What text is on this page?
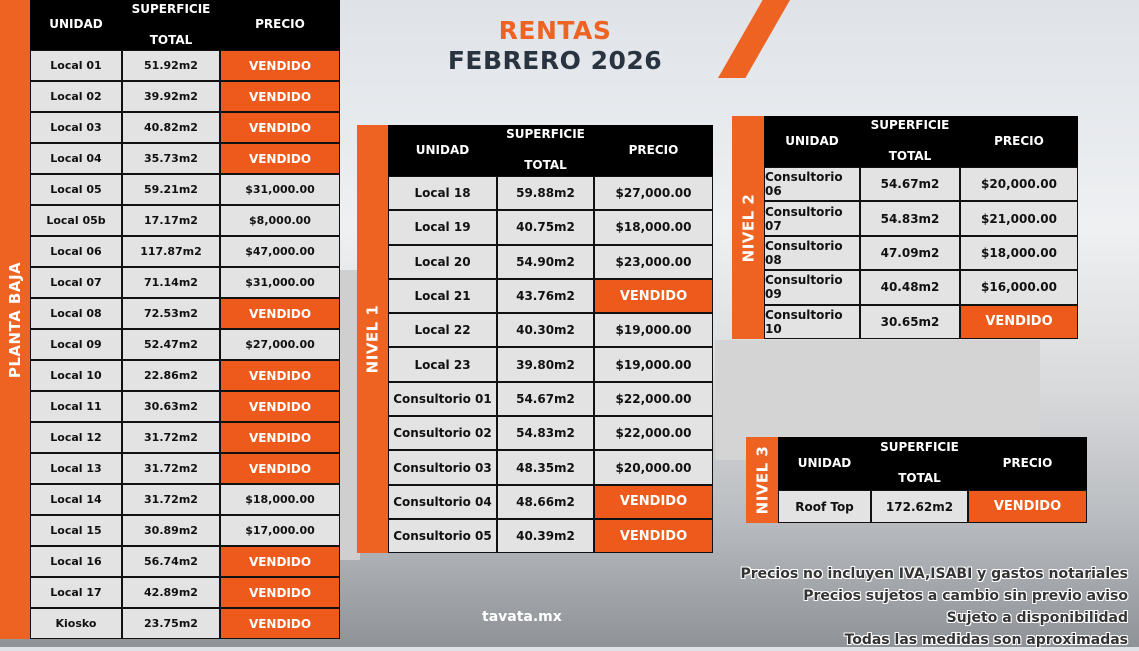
RENTAS
FEBRERO 2026
PLANTA BAJA
UNIDAD
SUPERFICIE

TOTAL
PRECIO
Local 01	51.92m2	VENDIDO
Local 02	39.92m2	VENDIDO
Local 03	40.82m2	VENDIDO
Local 04	35.73m2	VENDIDO
Local 05	59.21m2	$31,000.00
Local 05b	17.17m2	$8,000.00
Local 06	117.87m2	$47,000.00
Local 07	71.14m2	$31,000.00
Local 08	72.53m2	VENDIDO
Local 09	52.47m2	$27,000.00
Local 10	22.86m2	VENDIDO
Local 11	30.63m2	VENDIDO
Local 12	31.72m2	VENDIDO
Local 13	31.72m2	VENDIDO
Local 14	31.72m2	$18,000.00
Local 15	30.89m2	$17,000.00
Local 16	56.74m2	VENDIDO
Local 17	42.89m2	VENDIDO
Kiosko	23.75m2	VENDIDO
NIVEL 1
UNIDAD
SUPERFICIE

TOTAL
PRECIO
Local 18	59.88m2	$27,000.00
Local 19	40.75m2	$18,000.00
Local 20	54.90m2	$23,000.00
Local 21	43.76m2	VENDIDO
Local 22	40.30m2	$19,000.00
Local 23	39.80m2	$19,000.00
Consultorio 01	54.67m2	$22,000.00
Consultorio 02	54.83m2	$22,000.00
Consultorio 03	48.35m2	$20,000.00
Consultorio 04	48.66m2	VENDIDO
Consultorio 05	40.39m2	VENDIDO
NIVEL 2
UNIDAD
SUPERFICIE

TOTAL
PRECIO
Consultorio 06	54.67m2	$20,000.00
Consultorio 07	54.83m2	$21,000.00
Consultorio 08	47.09m2	$18,000.00
Consultorio 09	40.48m2	$16,000.00
Consultorio 10	30.65m2	VENDIDO
NIVEL 3	UNIDAD
SUPERFICIE

TOTAL
PRECIO
Roof Top	172.62m2	VENDIDO
tavata.mx
Precios no incluyen IVA,ISABI y gastos notariales
Precios sujetos a cambio sin previo aviso
Sujeto a disponibilidad
Todas las medidas son aproximadas
